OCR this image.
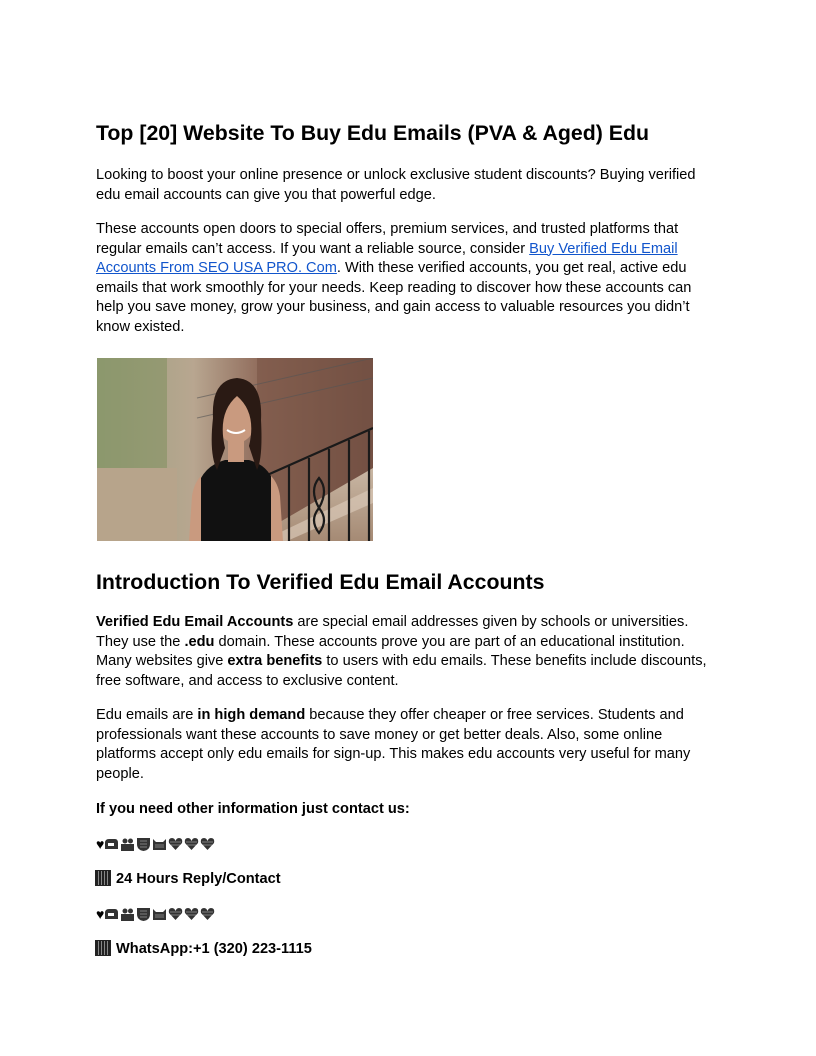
Top [20] Website To Buy Edu Emails (PVA & Aged) Edu

Looking to boost your online presence or unlock exclusive student discounts? Buying verified edu email accounts can give you that powerful edge.

These accounts open doors to special offers, premium services, and trusted platforms that regular emails can’t access. If you want a reliable source, consider Buy Verified Edu Email Accounts From SEO USA PRO. Com. With these verified accounts, you get real, active edu emails that work smoothly for your needs. Keep reading to discover how these accounts can help you save money, grow your business, and gain access to valuable resources you didn’t know existed.

Introduction To Verified Edu Email Accounts

Verified Edu Email Accounts are special email addresses given by schools or universities. They use the .edu domain. These accounts prove you are part of an educational institution. Many websites give extra benefits to users with edu emails. These benefits include discounts, free software, and access to exclusive content.

Edu emails are in high demand because they offer cheaper or free services. Students and professionals want these accounts to save money or get better deals. Also, some online platforms accept only edu emails for sign-up. This makes edu accounts very useful for many people.

If you need other information just contact us:

♥

24 Hours Reply/Contact

♥

WhatsApp:+1 (320) 223-1115
